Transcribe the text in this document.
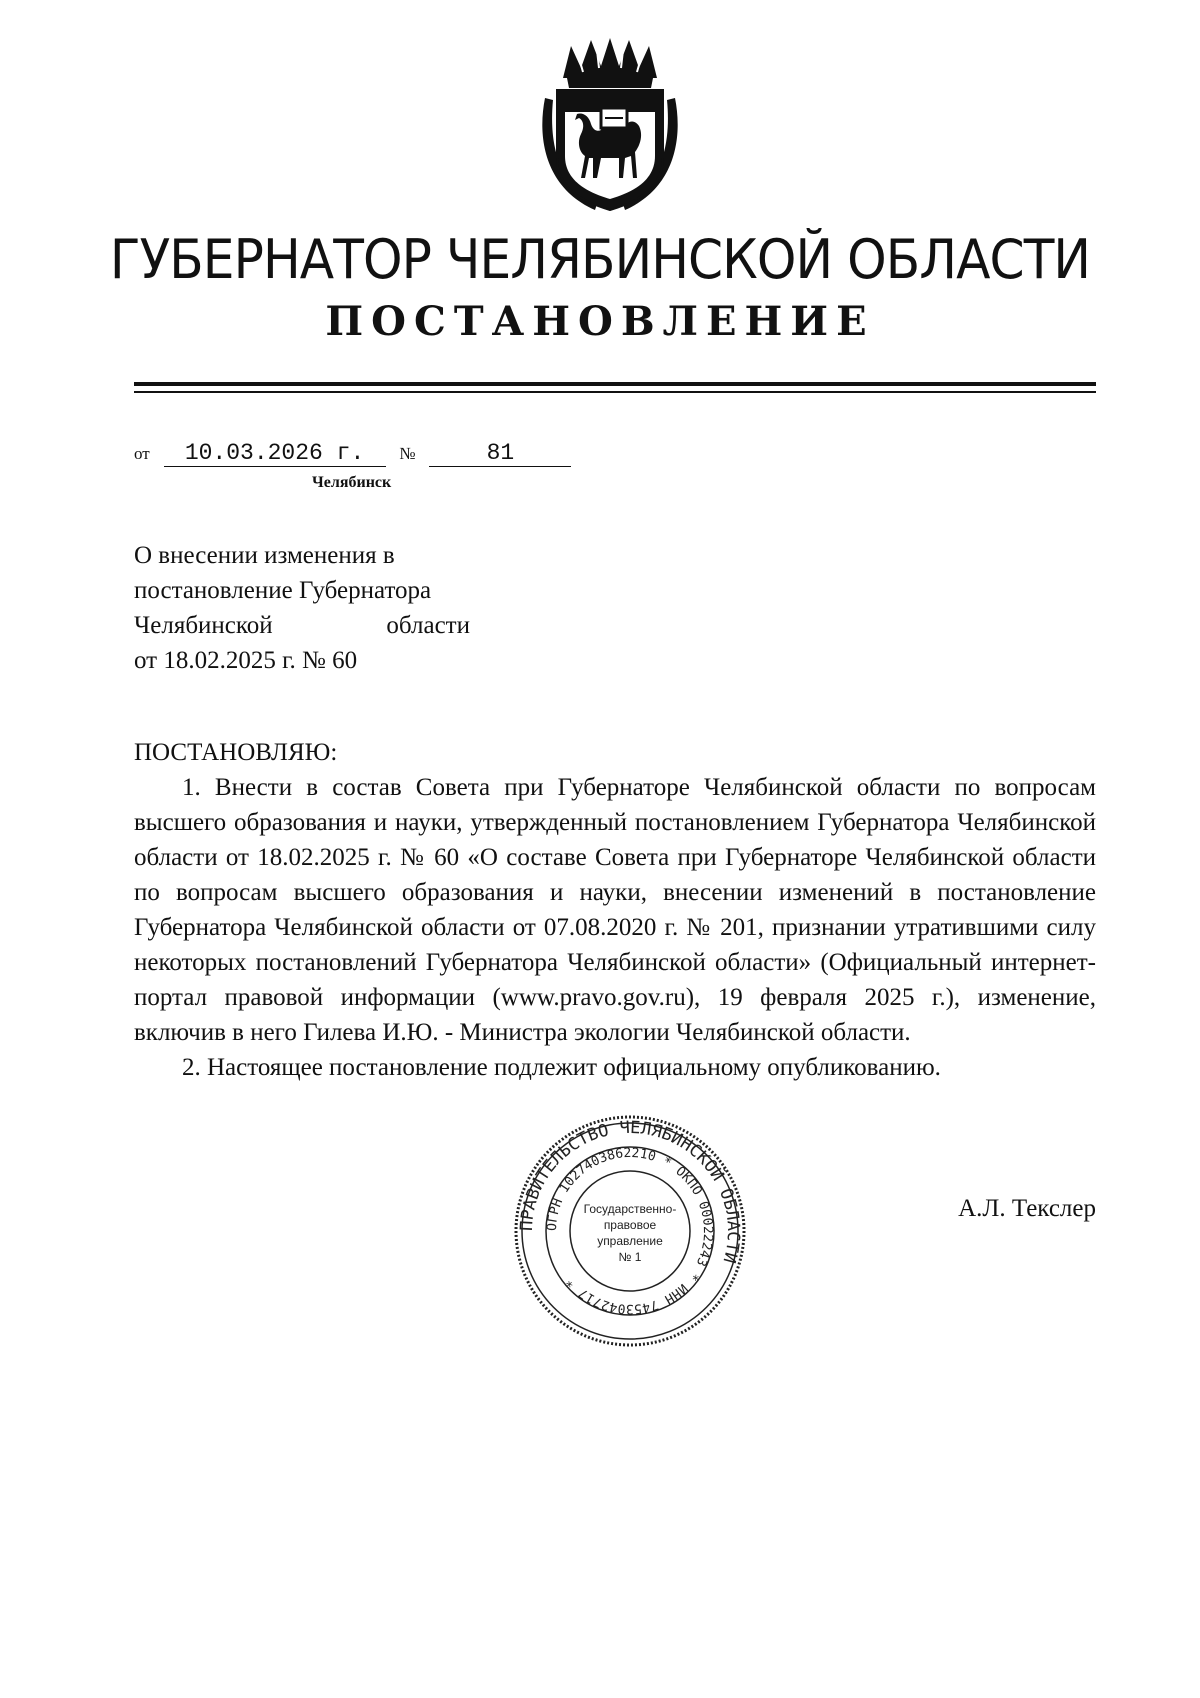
ГУБЕРНАТОР ЧЕЛЯБИНСКОЙ ОБЛАСТИ
ПОСТАНОВЛЕНИЕ
от 10.03.2026 г. №	81
Челябинск
О внесении изменения в
постановление Губернатора
Челябинской	области
от 18.02.2025 г. № 60

ПОСТАНОВЛЯЮ:

1. Внести в состав Совета при Губернаторе Челябинской области по вопросам высшего образования и науки, утвержденный постановлением Губернатора Челябинской области от 18.02.2025 г. № 60 «О составе Совета при Губернаторе Челябинской области по вопросам высшего образования и науки, внесении изменений в постановление Губернатора Челябинской области от 07.08.2020 г. № 201, признании утратившими силу некоторых постановлений Губернатора Челябинской области» (Официальный интернет-портал правовой информации (www.pravo.gov.ru), 19 февраля 2025 г.), изменение, включив в него Гилева И.Ю. - Министра экологии Челябинской области.

2. Настоящее постановление подлежит официальному опубликованию.

ПРАВИТЕЛЬСТВО ЧЕЛЯБИНСКОЙ ОБЛАСТИ
ОГРН 1027403862210 * ОКПО 00022243 * ИНН 7453042717 *
Государственно-
правовое
управление
№ 1
А.Л. Текслер
